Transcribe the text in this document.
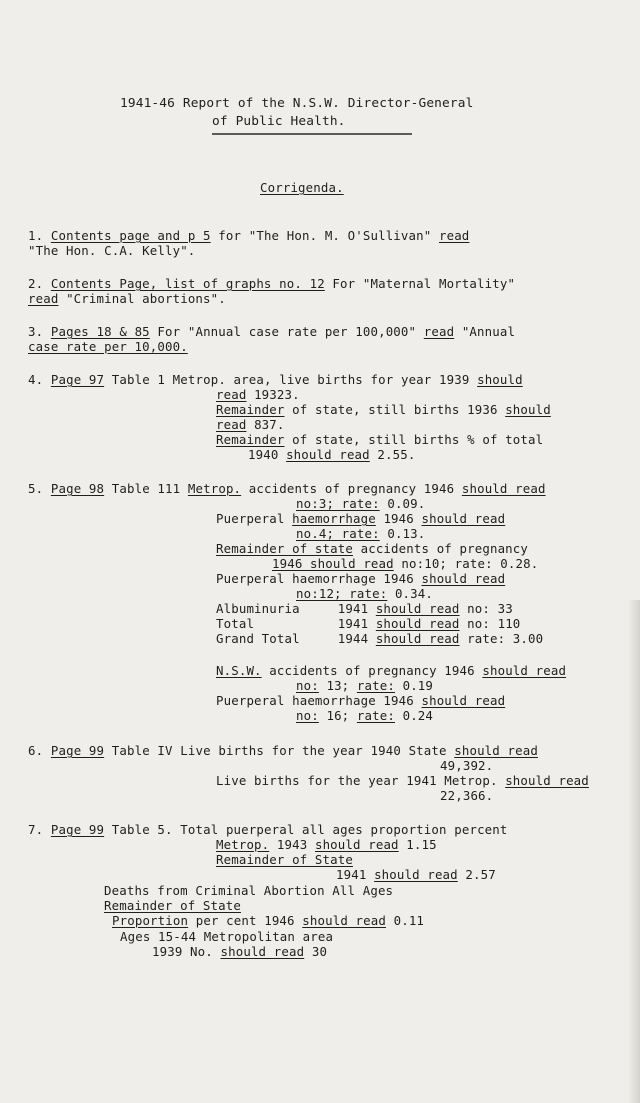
1941-46 Report of the N.S.W. Director-General
of Public Health.
Corrigenda.
1. Contents page and p 5 for "The Hon. M. O'Sullivan" read
"The Hon. C.A. Kelly".
2. Contents Page, list of graphs no. 12 For "Maternal Mortality"
read "Criminal abortions".
3. Pages 18 & 85 For "Annual case rate per 100,000" read "Annual
case rate per 10,000.
4. Page 97 Table 1 Metrop. area, live births for year 1939 should
read 19323.
Remainder of state, still births 1936 should
read 837.
Remainder of state, still births % of total
1940 should read 2.55.
5. Page 98 Table 111 Metrop. accidents of pregnancy 1946 should read
no:3; rate: 0.09.
Puerperal haemorrhage 1946 should read
no.4; rate: 0.13.
Remainder of state accidents of pregnancy
1946 should read no:10; rate: 0.28.
Puerperal haemorrhage 1946 should read
no:12; rate: 0.34.
Albuminuria     1941 should read no: 33
Total           1941 should read no: 110
Grand Total     1944 should read rate: 3.00
N.S.W. accidents of pregnancy 1946 should read
no: 13; rate: 0.19
Puerperal haemorrhage 1946 should read
no: 16; rate: 0.24
6. Page 99 Table IV Live births for the year 1940 State should read
49,392.
Live births for the year 1941 Metrop. should read
22,366.
7. Page 99 Table 5. Total puerperal all ages proportion percent
Metrop. 1943 should read 1.15
Remainder of State
1941 should read 2.57
Deaths from Criminal Abortion All Ages
Remainder of State
Proportion per cent 1946 should read 0.11
Ages 15-44 Metropolitan area
1939 No. should read 30
